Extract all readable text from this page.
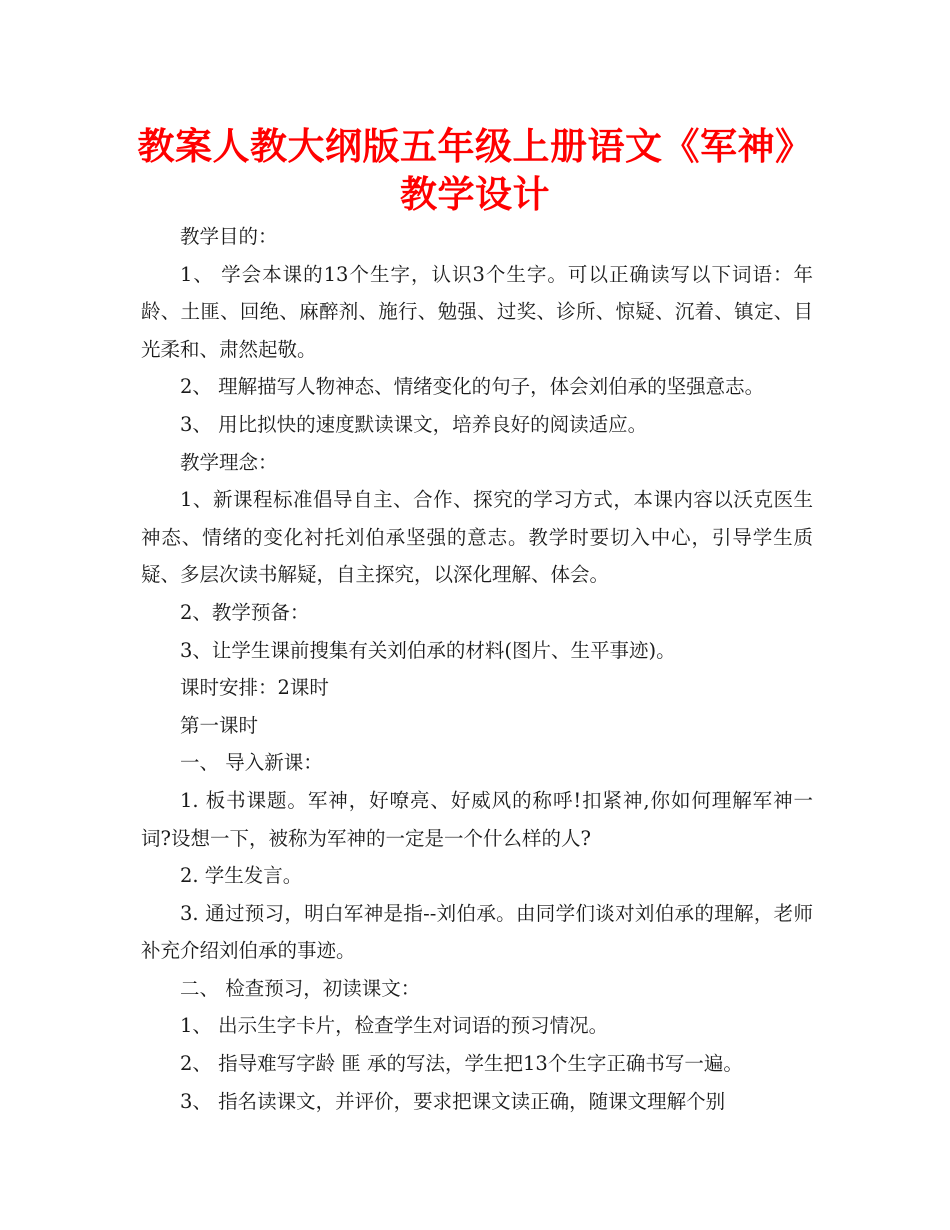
教案人教大纲版五年级上册语文《军神》
教学设计

教学目的：

1、 学会本课的13个生字，认识3个生字。可以正确读写以下词语：年龄、土匪、回绝、麻醉剂、施行、勉强、过奖、诊所、惊疑、沉着、镇定、目光柔和、肃然起敬。

2、 理解描写人物神态、情绪变化的句子，体会刘伯承的坚强意志。

3、 用比拟快的速度默读课文，培养良好的阅读适应。

教学理念：

1、新课程标准倡导自主、合作、探究的学习方式，本课内容以沃克医生神态、情绪的变化衬托刘伯承坚强的意志。教学时要切入中心，引导学生质疑、多层次读书解疑，自主探究，以深化理解、体会。

2、教学预备：

3、让学生课前搜集有关刘伯承的材料(图片、生平事迹)。

课时安排：2课时

第一课时

一、 导入新课：

1. 板书课题。军神，好嘹亮、好威风的称呼!扣紧神,你如何理解军神一词?设想一下，被称为军神的一定是一个什么样的人?

2. 学生发言。

3. 通过预习，明白军神是指--刘伯承。由同学们谈对刘伯承的理解，老师补充介绍刘伯承的事迹。

二、 检查预习，初读课文：

1、 出示生字卡片，检查学生对词语的预习情况。

2、 指导难写字龄 匪 承的写法，学生把13个生字正确书写一遍。

3、 指名读课文，并评价，要求把课文读正确，随课文理解个别
